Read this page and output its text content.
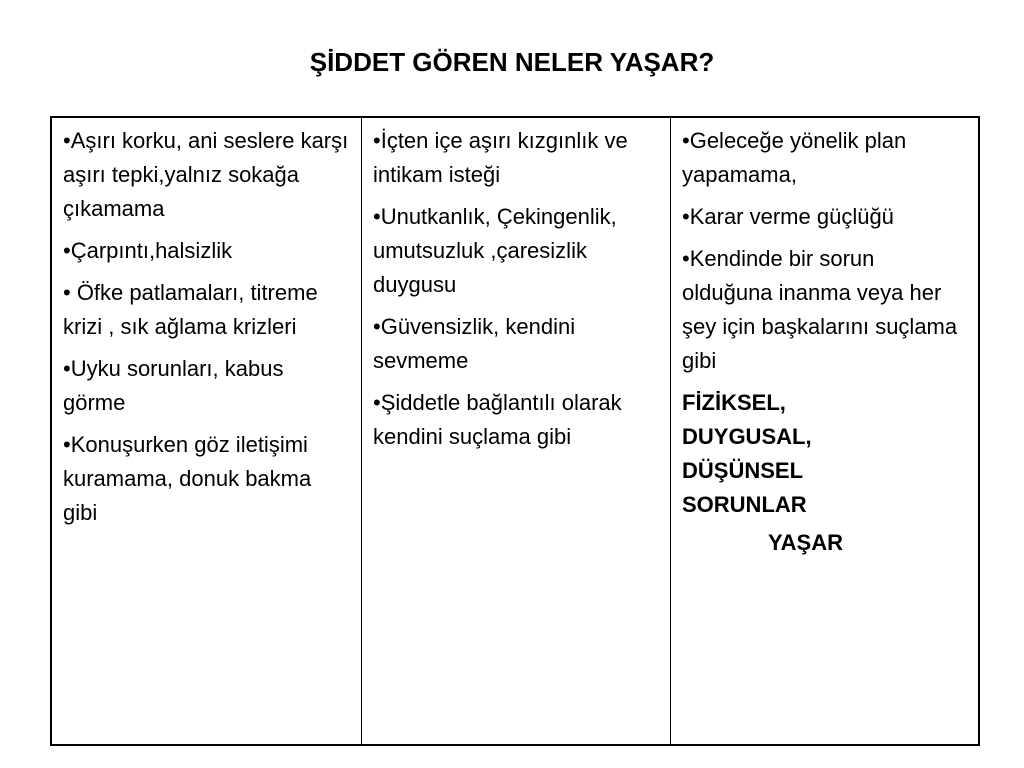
ŞİDDET GÖREN NELER YAŞAR?

•Aşırı korku, ani seslere karşı aşırı tepki,yalnız sokağa çıkamama

•Çarpıntı,halsizlik

• Öfke patlamaları, titreme krizi , sık ağlama krizleri

•Uyku sorunları, kabus görme

•Konuşurken göz iletişimi kuramama, donuk bakma gibi

•İçten içe aşırı kızgınlık ve intikam isteği

•Unutkanlık, Çekingenlik, umutsuzluk ,çaresizlik duygusu

•Güvensizlik, kendini sevmeme

•Şiddetle bağlantılı olarak kendini suçlama gibi

•Geleceğe yönelik plan yapamama,

•Karar verme güçlüğü

•Kendinde bir sorun olduğuna inanma veya her şey için başkalarını suçlama gibi

FİZİKSEL,
DUYGUSAL,
DÜŞÜNSEL
SORUNLAR

YAŞAR
